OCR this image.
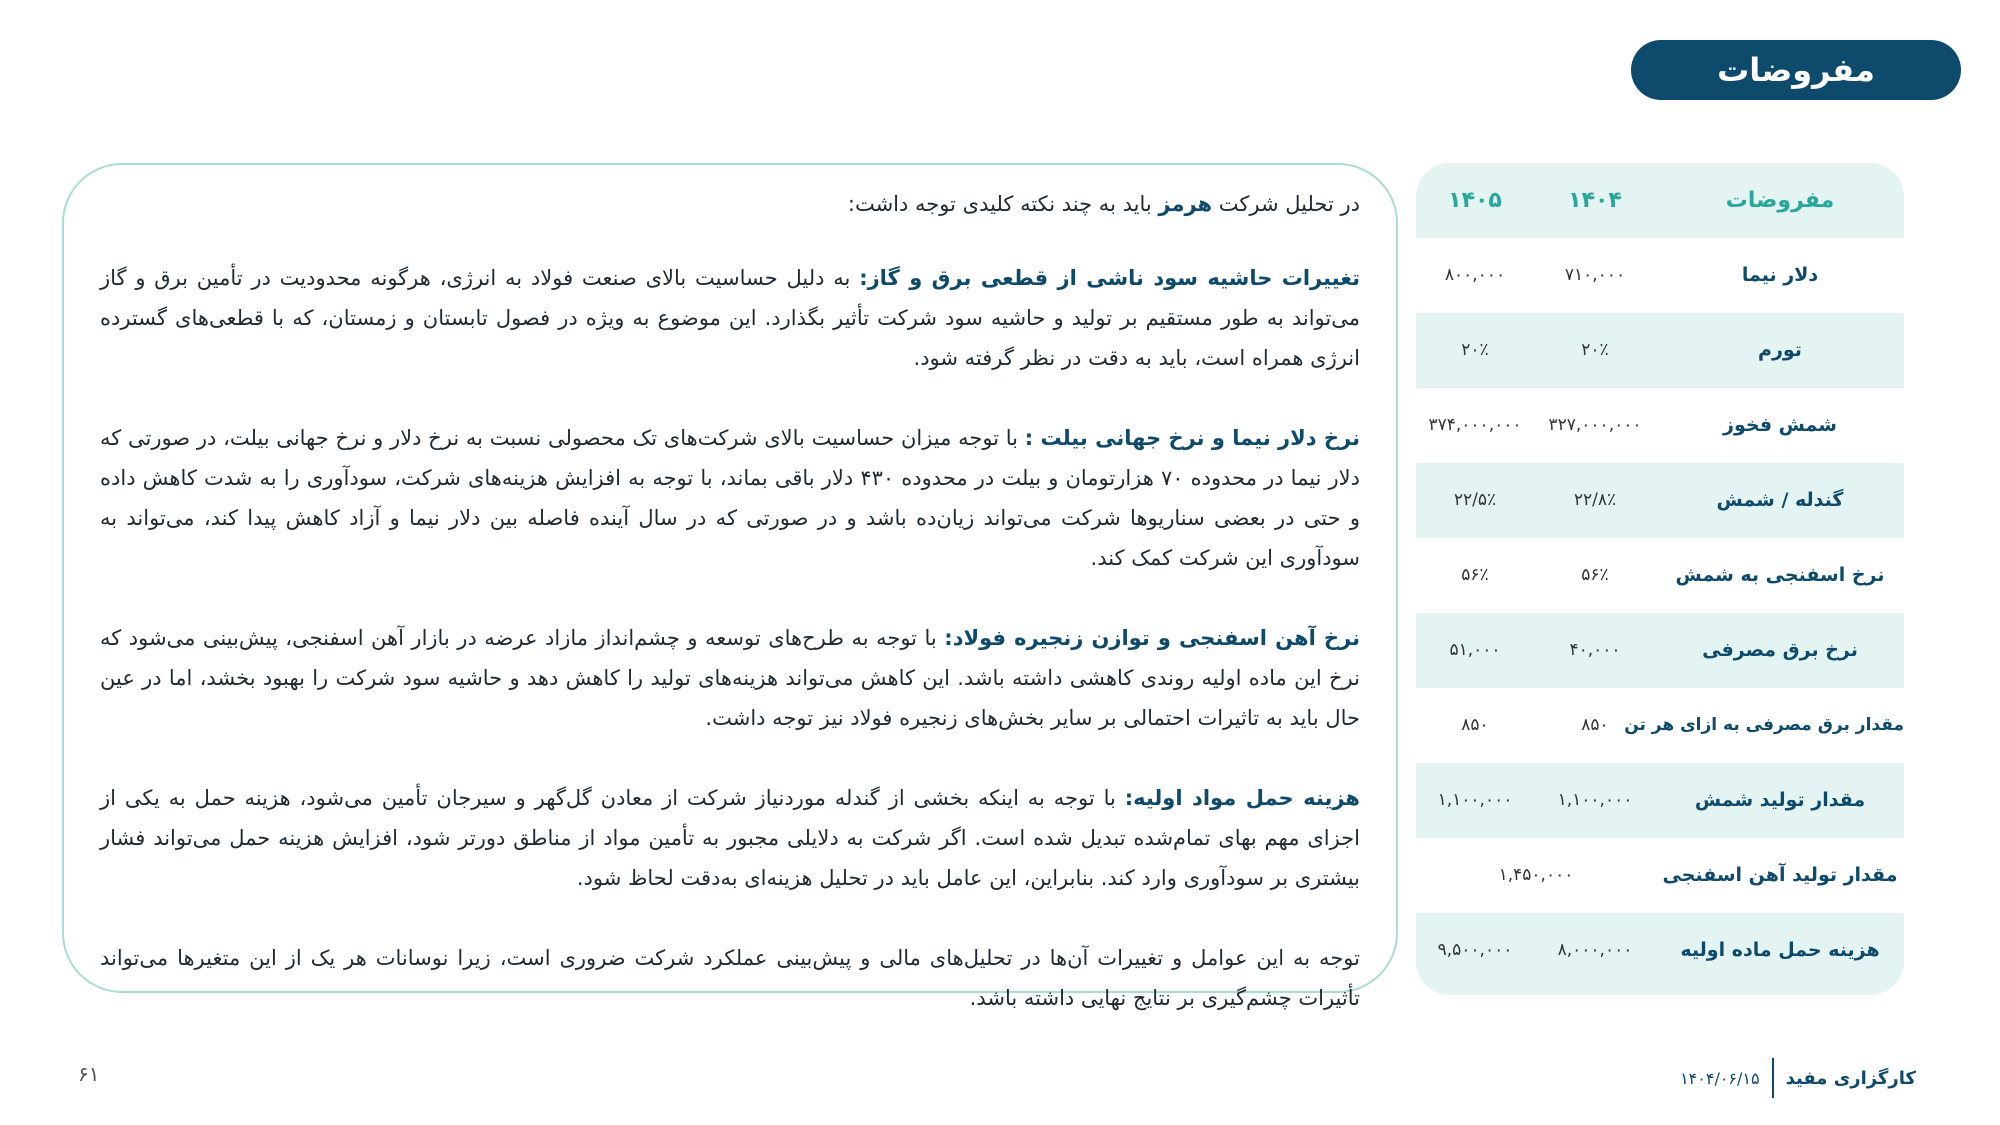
مفروضات

در تحلیل شرکت هرمز باید به چند نکته کلیدی توجه داشت:

تغییرات حاشیه سود ناشی از قطعی برق و گاز: به دلیل حساسیت بالای صنعت فولاد به انرژی، هرگونه محدودیت در تأمین برق و گاز می‌تواند به طور مستقیم بر تولید و حاشیه سود شرکت تأثیر بگذارد. این موضوع به ویژه در فصول تابستان و زمستان، که با قطعی‌های گسترده انرژی همراه است، باید به دقت در نظر گرفته شود.

نرخ دلار نیما و نرخ جهانی بیلت : با توجه میزان حساسیت بالای شرکت‌های تک محصولی نسبت به نرخ دلار و نرخ جهانی بیلت، در صورتی که دلار نیما در محدوده ۷۰ هزارتومان و بیلت در محدوده ۴۳۰ دلار باقی بماند، با توجه به افزایش هزینه‌های شرکت، سودآوری را به شدت کاهش داده و حتی در بعضی سناریوها شرکت می‌تواند زیان‌ده باشد و در صورتی که در سال آینده فاصله بین دلار نیما و آزاد کاهش پیدا کند، می‌تواند به سودآوری این شرکت کمک کند.

نرخ آهن اسفنجی و توازن زنجیره فولاد: با توجه به طرح‌های توسعه و چشم‌انداز مازاد عرضه در بازار آهن اسفنجی، پیش‌بینی می‌شود که نرخ این ماده اولیه روندی کاهشی داشته باشد. این کاهش می‌تواند هزینه‌های تولید را کاهش دهد و حاشیه سود شرکت را بهبود بخشد، اما در عین حال باید به تاثیرات احتمالی بر سایر بخش‌های زنجیره فولاد نیز توجه داشت.

هزینه حمل مواد اولیه: با توجه به اینکه بخشی از گندله موردنیاز شرکت از معادن گل‌گهر و سیرجان تأمین می‌شود، هزینه حمل به یکی از اجزای مهم بهای تمام‌شده تبدیل شده است. اگر شرکت به دلایلی مجبور به تأمین مواد از مناطق دورتر شود، افزایش هزینه حمل می‌تواند فشار بیشتری بر سودآوری وارد کند. بنابراین، این عامل باید در تحلیل هزینه‌ای به‌دقت لحاظ شود.

توجه به این عوامل و تغییرات آن‌ها در تحلیل‌های مالی و پیش‌بینی عملکرد شرکت ضروری است، زیرا نوسانات هر یک از این متغیرها می‌تواند تأثیرات چشم‌گیری بر نتایج نهایی داشته باشد.

مفروضات
۱۴۰۴
۱۴۰۵
دلار نیما
۷۱۰,۰۰۰
۸۰۰,۰۰۰
تورم
۲۰٪
۲۰٪
شمش فخوز
۳۲۷,۰۰۰,۰۰۰
۳۷۴,۰۰۰,۰۰۰
گندله / شمش
۲۲/۸٪
۲۲/۵٪
نرخ اسفنجی به شمش
۵۶٪
۵۶٪
نرخ برق مصرفی
۴۰,۰۰۰
۵۱,۰۰۰
مقدار برق مصرفی به ازای هر تن
۸۵۰
۸۵۰
مقدار تولید شمش
۱,۱۰۰,۰۰۰
۱,۱۰۰,۰۰۰
مقدار تولید آهن اسفنجی
۱,۴۵۰,۰۰۰
هزینه حمل ماده اولیه
۸,۰۰۰,۰۰۰
۹,۵۰۰,۰۰۰
۶۱	کارگزاری مفید
۱۴۰۴/۰۶/۱۵
